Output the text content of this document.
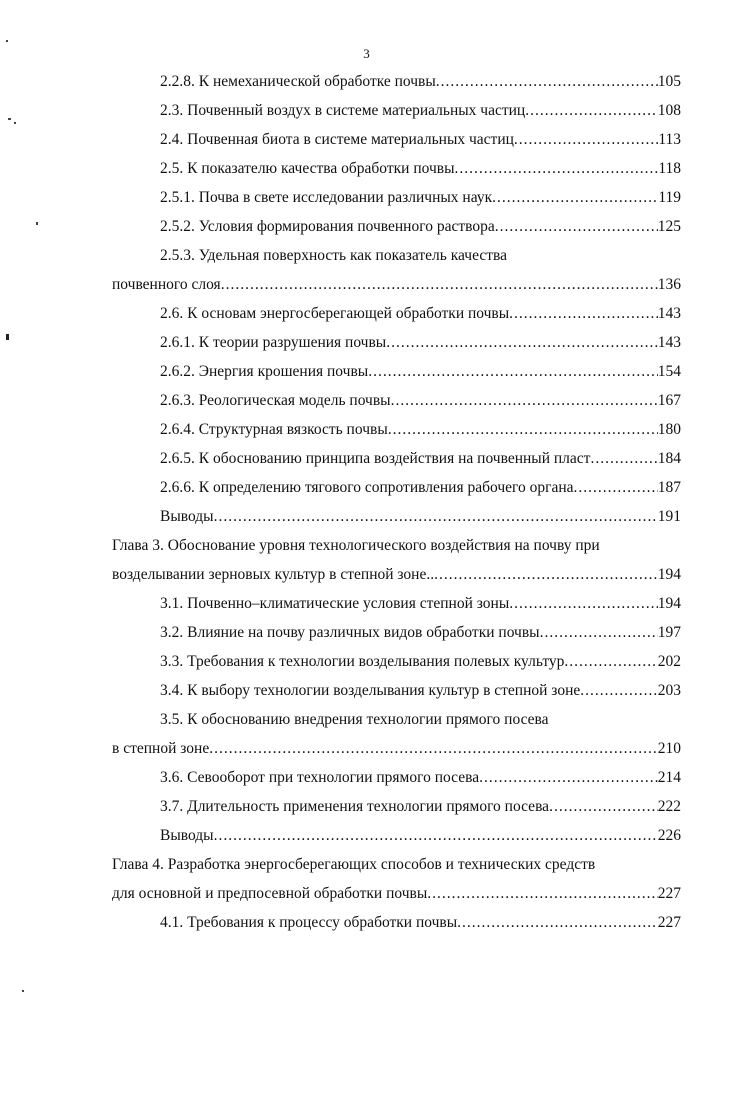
3
2.2.8. К немеханической обработке почвы .....	105
2.3. Почвенный воздух в системе материальных частиц .....	108
2.4. Почвенная биота в системе материальных частиц .....	113
2.5. К показателю качества обработки почвы .....	118
2.5.1. Почва в свете исследовании различных наук .....	119
2.5.2. Условия формирования почвенного раствора .....	125
2.5.3. Удельная поверхность как показатель качества
почвенного слоя .....	136
2.6. К основам энергосберегающей обработки почвы .....	143
2.6.1. К теории разрушения почвы .....	143
2.6.2. Энергия крошения почвы .....	154
2.6.3. Реологическая модель почвы .....	167
2.6.4. Структурная вязкость почвы .....	180
2.6.5. К обоснованию принципа воздействия на почвенный пласт .....	184
2.6.6. К определению тягового сопротивления рабочего органа .....	187
Выводы .....	191
Глава 3. Обоснование уровня технологического воздействия на почву при
возделывании зерновых культур в степной зоне.. .....	194
3.1. Почвенно–климатические условия степной зоны .....	194
3.2. Влияние на почву различных видов обработки почвы .....	197
3.3. Требования к технологии возделывания полевых культур .....	202
3.4. К выбору технологии возделывания культур в степной зоне .....	203
3.5. К обоснованию внедрения технологии прямого посева
в степной зоне .....	210
3.6. Севооборот при технологии прямого посева .....	214
3.7. Длительность применения технологии прямого посева .....	222
Выводы .....	226
Глава 4. Разработка энергосберегающих способов и технических средств
для основной и предпосевной обработки почвы .....	227
4.1. Требования к процессу обработки почвы .....	227
